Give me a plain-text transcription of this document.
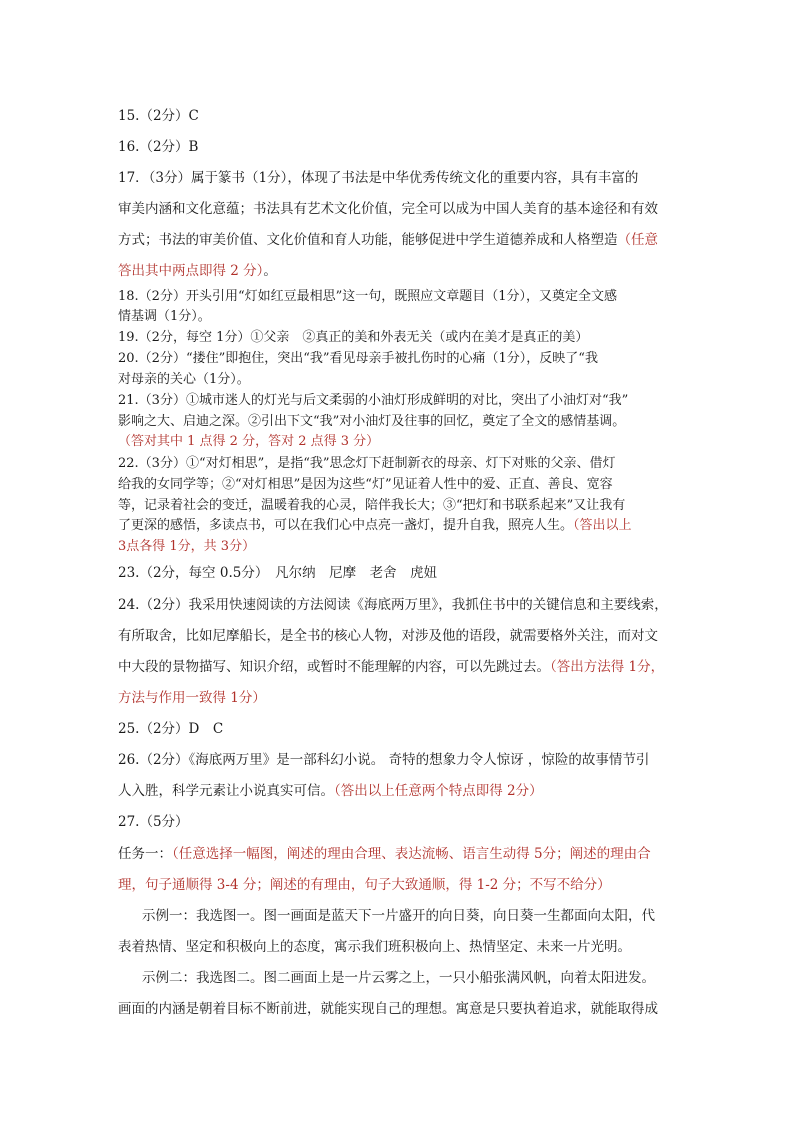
15.（2分）C
16.（2分）B
17．（3分）属于篆书（1分），体现了书法是中华优秀传统文化的重要内容，具有丰富的
审美内涵和文化意蕴；书法具有艺术文化价值，完全可以成为中国人美育的基本途径和有效
方式；书法的审美价值、文化价值和育人功能，能够促进中学生道德养成和人格塑造（任意
答出其中两点即得 2 分）。
18.（2分）开头引用“灯如红豆最相思”这一句，既照应文章题目（1分），又奠定全文感
情基调（1分）。
19.（2分，每空 1分）①父亲　②真正的美和外表无关（或内在美才是真正的美）
20.（2分）“搂住”即抱住，突出“我”看见母亲手被扎伤时的心痛（1分），反映了“我
对母亲的关心（1分）。
21.（3分）①城市迷人的灯光与后文柔弱的小油灯形成鲜明的对比，突出了小油灯对“我”
影响之大、启迪之深。②引出下文“我”对小油灯及往事的回忆，奠定了全文的感情基调。
（答对其中 1 点得 2 分，答对 2 点得 3 分）
22.（3分）①“对灯相思”，是指“我”思念灯下赶制新衣的母亲、灯下对账的父亲、借灯
给我的女同学等；②“对灯相思”是因为这些“灯”见证着人性中的爱、正直、善良、宽容
等，记录着社会的变迁，温暖着我的心灵，陪伴我长大；③“把灯和书联系起来”又让我有
了更深的感悟，多读点书，可以在我们心中点亮一盏灯，提升自我，照亮人生。（答出以上
3点各得 1分，共 3分）
23.（2分，每空 0.5分）　凡尔纳　尼摩　老舍　虎妞
24.（2分）我采用快速阅读的方法阅读《海底两万里》，我抓住书中的关键信息和主要线索，
有所取舍，比如尼摩船长，是全书的核心人物，对涉及他的语段，就需要格外关注，而对文
中大段的景物描写、知识介绍，或暂时不能理解的内容，可以先跳过去。（答出方法得 1分，
方法与作用一致得 1分）
25.（2分）D　C
26.（2分）《海底两万里》是一部科幻小说。 奇特的想象力令人惊讶 ，惊险的故事情节引
人入胜，科学元素让小说真实可信。（答出以上任意两个特点即得 2分）
27.（5分）
任务一：（任意选择一幅图，阐述的理由合理、表达流畅、语言生动得 5分；阐述的理由合
理，句子通顺得 3-4 分；阐述的有理由，句子大致通顺，得 1-2 分；不写不给分）
示例一：我选图一。图一画面是蓝天下一片盛开的向日葵，向日葵一生都面向太阳，代
表着热情、坚定和积极向上的态度，寓示我们班积极向上、热情坚定、未来一片光明。
示例二：我选图二。图二画面上是一片云雾之上，一只小船张满风帆，向着太阳进发。
画面的内涵是朝着目标不断前进，就能实现自己的理想。寓意是只要执着追求，就能取得成
